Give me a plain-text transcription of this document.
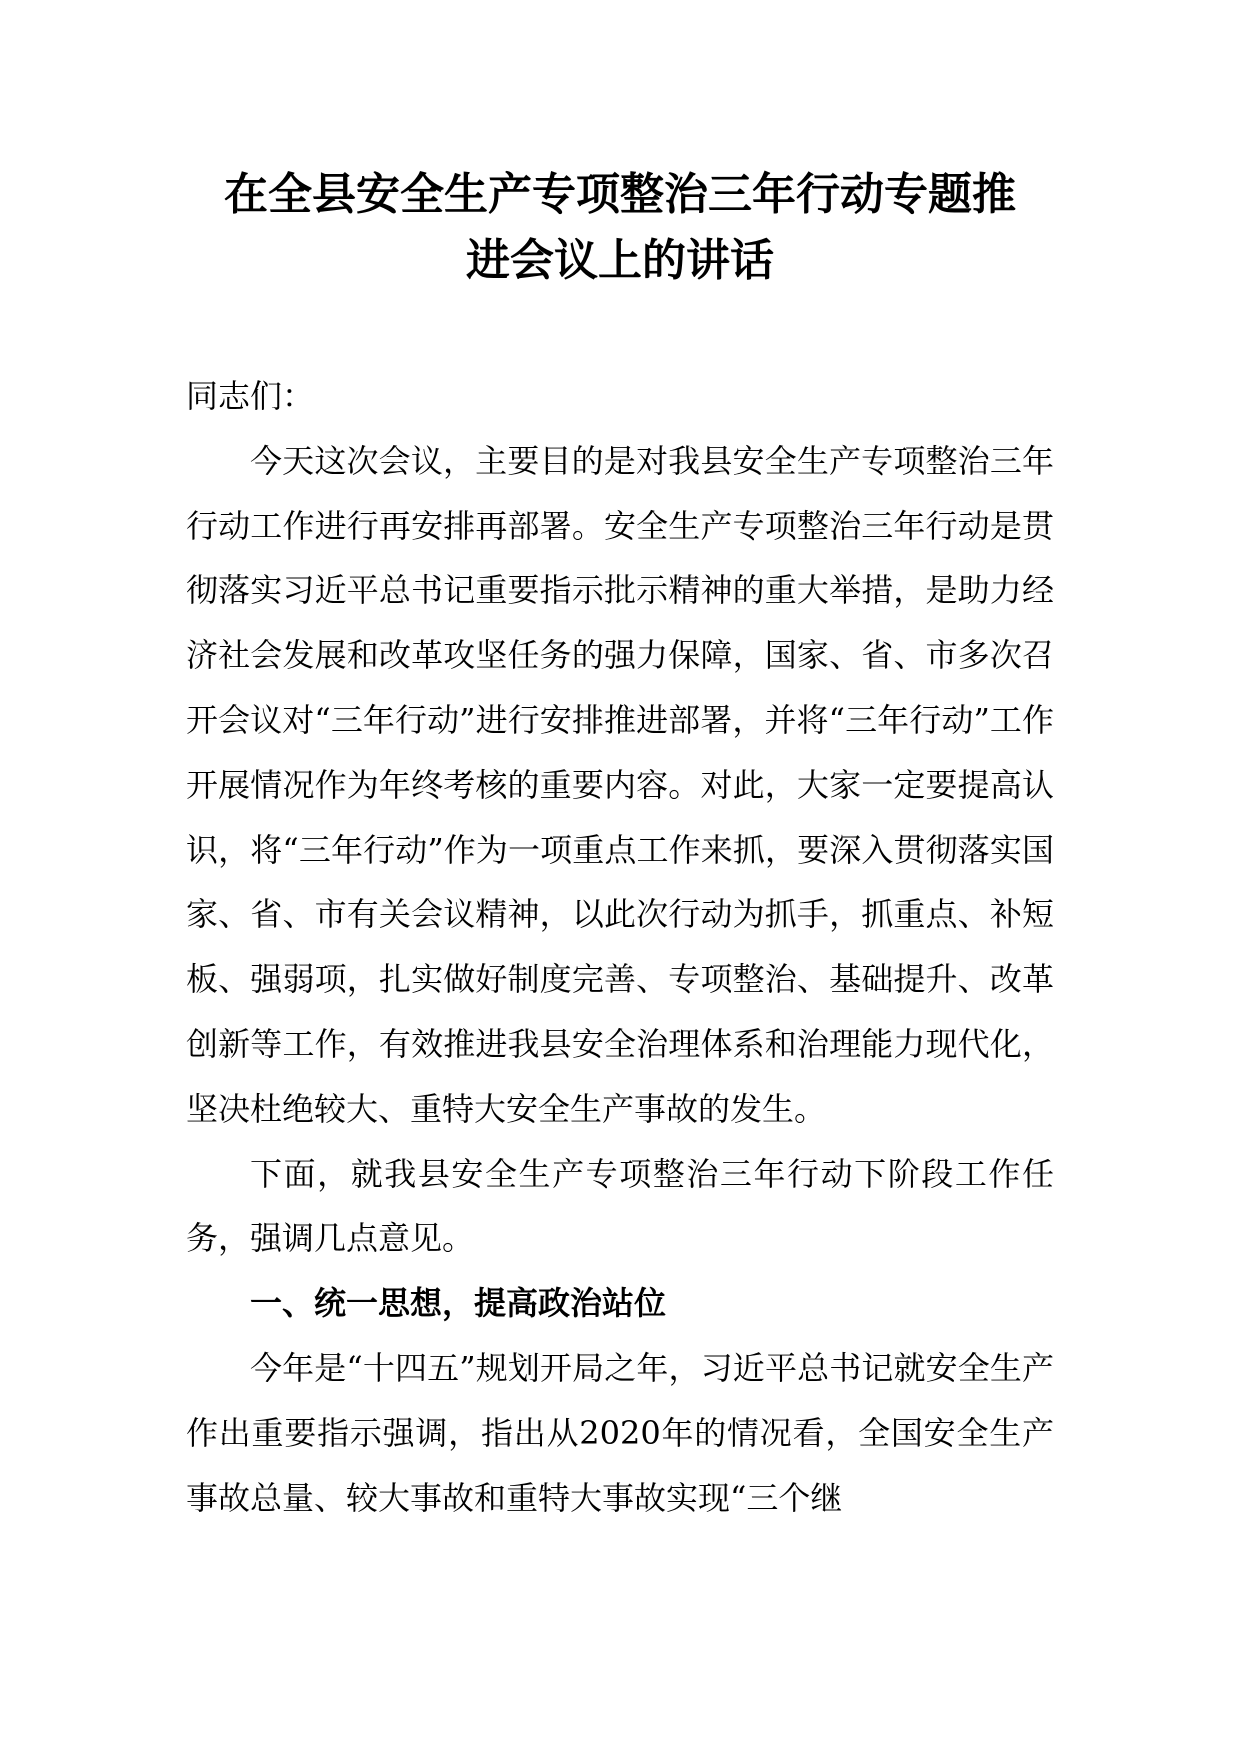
在全县安全生产专项整治三年行动专题推
进会议上的讲话

同志们：

今天这次会议，主要目的是对我县安全生产专项整治三年行动工作进行再安排再部署。安全生产专项整治三年行动是贯彻落实习近平总书记重要指示批示精神的重大举措，是助力经济社会发展和改革攻坚任务的强力保障，国家、省、市多次召开会议对“三年行动”进行安排推进部署，并将“三年行动”工作开展情况作为年终考核的重要内容。对此，大家一定要提高认识，将“三年行动”作为一项重点工作来抓，要深入贯彻落实国家、省、市有关会议精神，以此次行动为抓手，抓重点、补短板、强弱项，扎实做好制度完善、专项整治、基础提升、改革创新等工作，有效推进我县安全治理体系和治理能力现代化，坚决杜绝较大、重特大安全生产事故的发生。

下面，就我县安全生产专项整治三年行动下阶段工作任务，强调几点意见。

一、统一思想，提高政治站位

今年是“十四五”规划开局之年，习近平总书记就安全生产作出重要指示强调，指出从2020年的情况看，全国安全生产事故总量、较大事故和重特大事故实现“三个继
